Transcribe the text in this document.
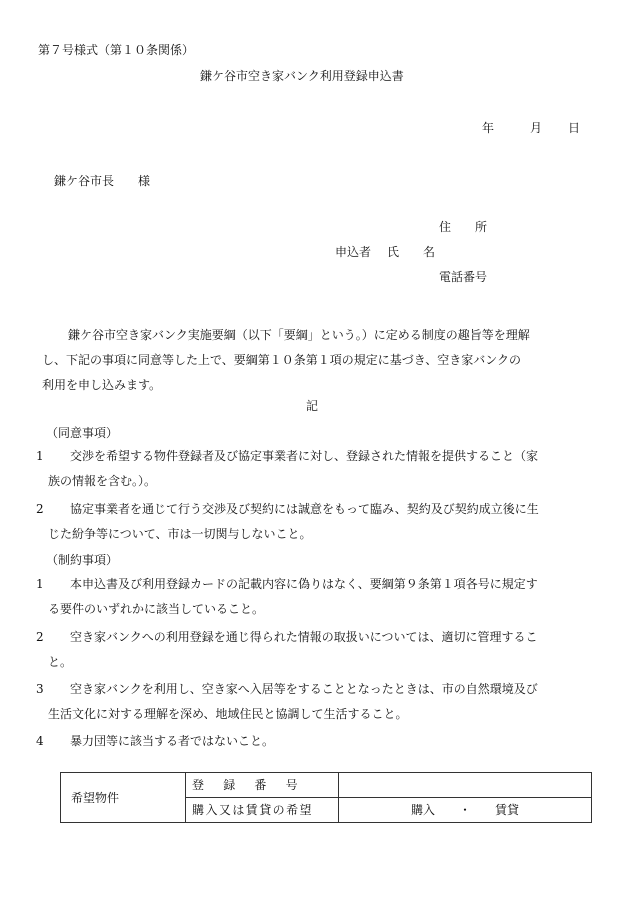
第７号様式（第１０条関係）
鎌ケ谷市空き家バンク利用登録申込書
年	月 日
鎌ケ谷市長　　様
住　　所
申込者	氏　　名
電話番号

鎌ケ谷市空き家バンク実施要綱（以下「要綱」という。）に定める制度の趣旨等を理解

し、下記の事項に同意等した上で、要綱第１０条第１項の規定に基づき、空き家バンクの

利用を申し込みます。

記
（同意事項）
1	交渉を希望する物件登録者及び協定事業者に対し、登録された情報を提供すること（家
族の情報を含む。）。
2	協定事業者を通じて行う交渉及び契約には誠意をもって臨み、契約及び契約成立後に生
じた紛争等について、市は一切関与しないこと。
（制約事項）
1	本申込書及び利用登録カードの記載内容に偽りはなく、要綱第９条第１項各号に規定す
る要件のいずれかに該当していること。
2	空き家バンクへの利用登録を通じ得られた情報の取扱いについては、適切に管理するこ
と。
3	空き家バンクを利用し、空き家へ入居等をすることとなったときは、市の自然環境及び
生活文化に対する理解を深め、地域住民と協調して生活すること。
4	暴力団等に該当する者ではないこと。
希望物件	登録番号	
	購入又は賃貸の希望	購入　　・　　賃貸
